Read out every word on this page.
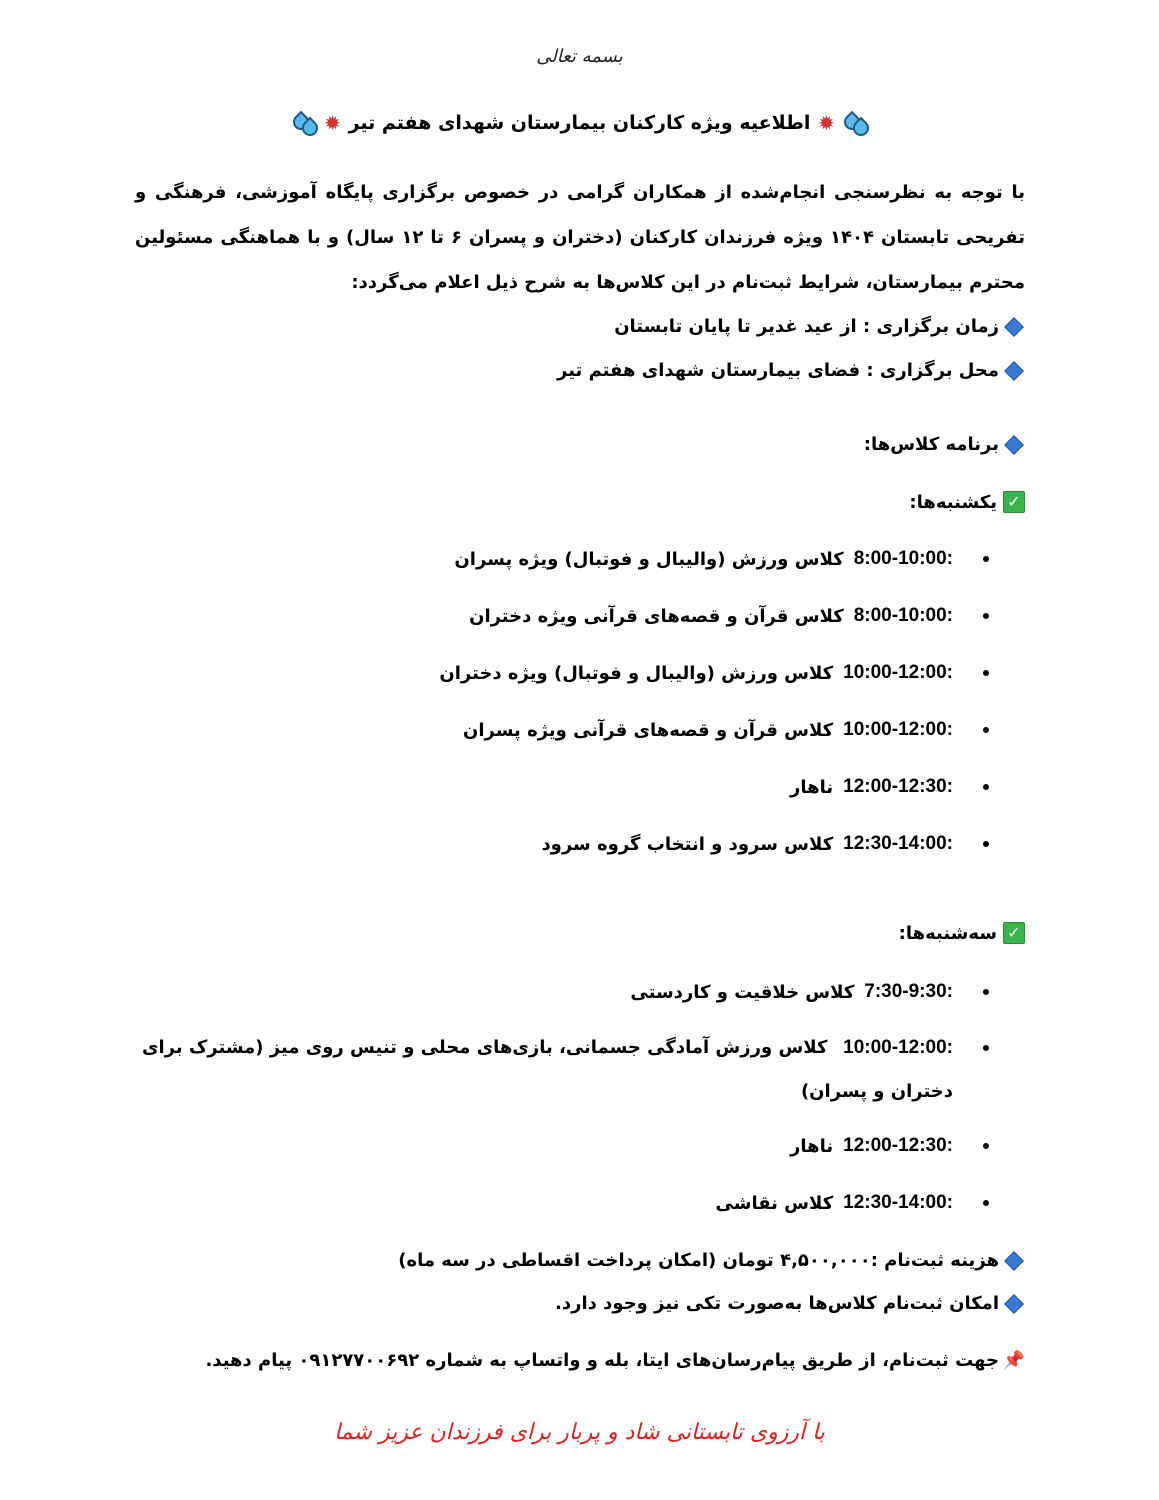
بسمه تعالی
✹
اطلاعیه ویژه کارکنان بیمارستان شهدای هفتم تیر
✹
با توجه به نظرسنجی انجام‌شده از همکاران گرامی در خصوص برگزاری پایگاه آموزشی، فرهنگی و تفریحی تابستان ۱۴۰۴ ویژه فرزندان کارکنان (دختران و پسران ۶ تا ۱۲ سال) و با هماهنگی مسئولین محترم بیمارستان، شرایط ثبت‌نام در این کلاس‌ها به شرح ذیل اعلام می‌گردد:
زمان برگزاری : از عید غدیر تا پایان تابستان
محل برگزاری : فضای بیمارستان شهدای هفتم تیر
برنامه کلاس‌ها:
✓
یکشنبه‌ها:
8:00-10:00:
کلاس ورزش (والیبال و فوتبال) ویژه پسران
8:00-10:00:
کلاس قرآن و قصه‌های قرآنی ویژه دختران
10:00-12:00:
کلاس ورزش (والیبال و فوتبال) ویژه دختران
10:00-12:00:
کلاس قرآن و قصه‌های قرآنی ویژه پسران
12:00-12:30:
ناهار
12:30-14:00:
کلاس سرود و انتخاب گروه سرود
✓
سه‌شنبه‌ها:
7:30-9:30:
کلاس خلاقیت و کاردستی
10:00-12:00: کلاس ورزش آمادگی جسمانی، بازی‌های محلی و تنیس روی میز (مشترک برای دختران و پسران)
12:00-12:30:
ناهار
12:30-14:00:
کلاس نقاشی
هزینه ثبت‌نام :۴,۵۰۰,۰۰۰ تومان (امکان پرداخت اقساطی در سه ماه)
امکان ثبت‌نام کلاس‌ها به‌صورت تکی نیز وجود دارد.
📌
جهت ثبت‌نام، از طریق پیام‌رسان‌های ایتا، بله و واتساپ به شماره ۰۹۱۲۷۷۰۰۶۹۲ پیام دهید.
با آرزوی تابستانی شاد و پربار برای فرزندان عزیز شما
